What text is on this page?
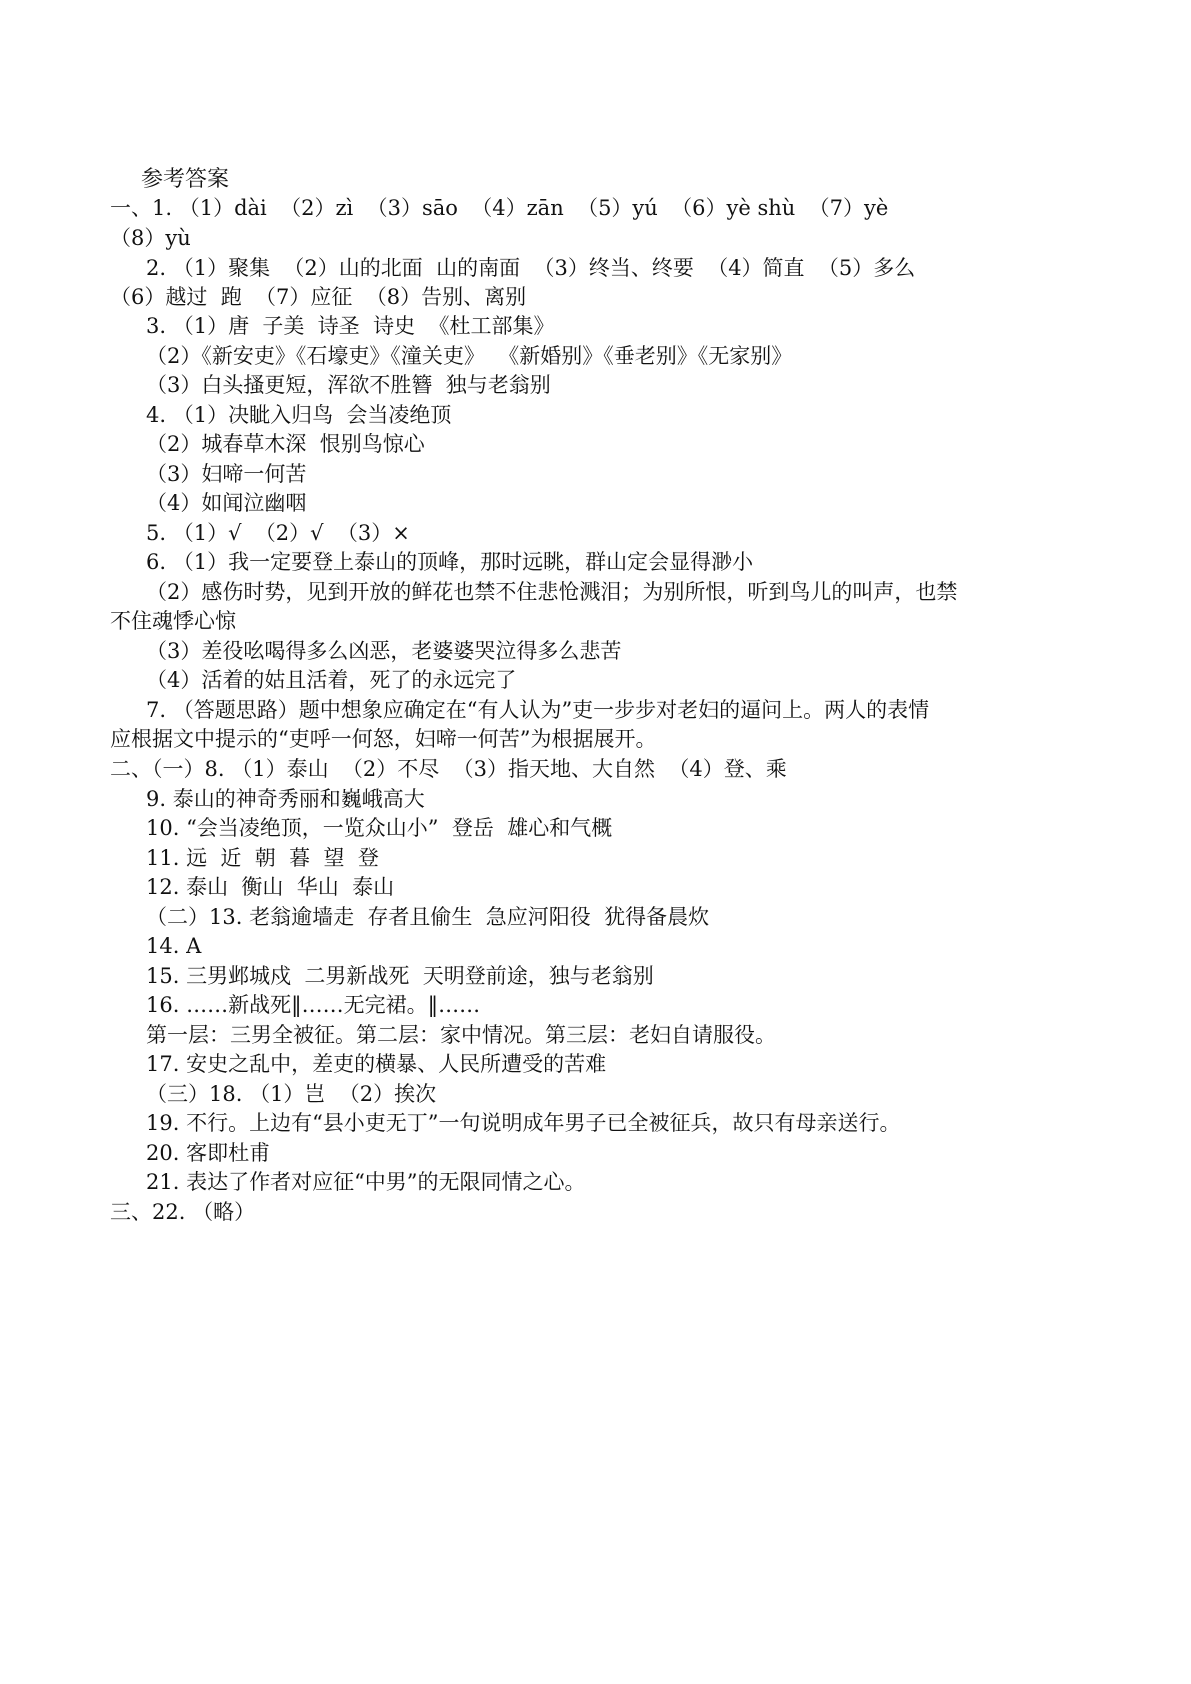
参考答案
一、1. （1）dài  （2）zì  （3）sāo  （4）zān  （5）yú  （6）yè shù  （7）yè
（8）yù
2. （1）聚集  （2）山的北面  山的南面  （3）终当、终要  （4）简直  （5）多么
（6）越过  跑  （7）应征  （8）告别、离别
3. （1）唐  子美  诗圣  诗史  《杜工部集》
（2）《新安吏》《石壕吏》《潼关吏》  《新婚别》《垂老别》《无家别》
（3）白头搔更短，浑欲不胜簪  独与老翁别
4. （1）决眦入归鸟  会当凌绝顶
（2）城春草木深  恨别鸟惊心
（3）妇啼一何苦
（4）如闻泣幽咽
5. （1）√  （2）√  （3）×
6. （1）我一定要登上泰山的顶峰，那时远眺，群山定会显得渺小
（2）感伤时势，见到开放的鲜花也禁不住悲怆溅泪；为别所恨，听到鸟儿的叫声，也禁
不住魂悸心惊
（3）差役吆喝得多么凶恶，老婆婆哭泣得多么悲苦
（4）活着的姑且活着，死了的永远完了
7. （答题思路）题中想象应确定在“有人认为”吏一步步对老妇的逼问上。两人的表情
应根据文中提示的“吏呼一何怒，妇啼一何苦”为根据展开。
二、（一）8. （1）泰山  （2）不尽  （3）指天地、大自然  （4）登、乘
9. 泰山的神奇秀丽和巍峨高大
10. “会当凌绝顶，一览众山小”  登岳  雄心和气概
11. 远  近  朝  暮  望  登
12. 泰山  衡山  华山  泰山
（二）13. 老翁逾墙走  存者且偷生  急应河阳役  犹得备晨炊
14. A
15. 三男邺城戍  二男新战死  天明登前途，独与老翁别
16. ……新战死‖……无完裙。‖……
第一层：三男全被征。第二层：家中情况。第三层：老妇自请服役。
17. 安史之乱中，差吏的横暴、人民所遭受的苦难
（三）18. （1）岂  （2）挨次
19. 不行。上边有“县小吏无丁”一句说明成年男子已全被征兵，故只有母亲送行。
20. 客即杜甫
21. 表达了作者对应征“中男”的无限同情之心。
三、22. （略）
